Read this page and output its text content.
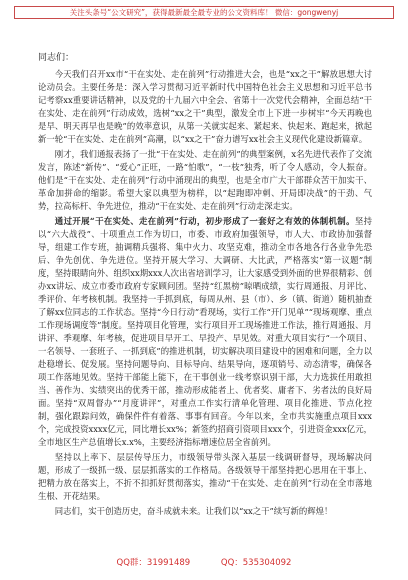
关注头条号“公文研究”，获得最新最全最专业的公文资料库！ 微信：gongwenyj

同志们：

今天我们召开xx市“干在实处、走在前列”行动推进大会，也是“xx之干”解放思想大讨论动员会。主要任务是：深入学习贯彻习近平新时代中国特色社会主义思想和习近平总书记考察xx重要讲话精神，以及党的十九届六中全会、省第十一次党代会精神，全面总结“干在实处、走在前列”行动成效，选树“xx之干”典型，激发全市上下进一步树牢“今天再晚也是早、明天再早也是晚”的效率意识，从第一关就实起来、紧起来、快起来、跑起来，掀起新一轮“干在实处、走在前列”高潮，以“xx之干”奋力谱写xx社会主义现代化建设新篇章。

刚才，我们通报表扬了一批“干在实处、走在前列”的典型案例，x名先进代表作了交流发言，陈述“新传”、“爱心”正旺，一路“怕歌”，“一枝”独秀，听了令人感动，令人振奋。他们是“干在实处、走在前列”行动中涌现出的典型，也是全市广大干部群众苦干加实干、革命加拼命的缩影。希望大家以典型为榜样，以“起跑即冲刺、开局即决战”的干劲、气势，拉高标杆、争先进位，推动“干在实处、走在前列”行动走深走实。

通过开展“干在实处、走在前列”行动，初步形成了一套好之有效的体制机制。坚持以“六大战役”、十项重点工作为切口，市委、市政府加强领导，市人大、市政协加强督导，组建工作专班，抽调精兵强将、集中火力、攻坚克难，推动全市各地各行各业争先恐后、争先创优、争先进位。坚持开展大学习、大调研、大比武，严格落实“第一议题”制度，坚持眼睛向外、组织xx期xxx人次出省培训学习，让大家感受到外面的世界很精彩、创办xx讲坛、成立市委市政府专家顾问团。坚持“红黑榜”晾晒成绩，实行周通报、月评比、季评价、年考核机制。我坚持一手抓到底，每周从州、县（市）、乡（镇、街道）随机抽查了解xx位同志的工作状态。坚持“今日行动”看现场，实行工作“开门见单”“现场观摩、重点工作现场调度等”制度。坚持项目化管理，实行项目开工现场推进工作法，推行周通报、月讲评、季观摩、年考核，促进项目早开工、早投产、早见效。对重大项目实行“一个项目、一名领导、一套班子、一抓到底”的推进机制，切实解决项目建设中的困难和问题，全力以赴稳增长、促发展。坚持问题导向、目标导向、结果导向，逐项销号、动态清零，确保各项工作落地见效。坚持干部能上能下，在干事创业一线考察识别干部，大力选拔任用敢担当、善作为、实绩突出的优秀干部，推动形成能者上、优者奖、庸者下、劣者汰的良好局面。坚持“双周督办”“月度讲评”，对重点工作实行清单化管理、项目化推进、节点化控制，强化跟踪问效，确保件件有着落、事事有回音。今年以来，全市共实施重点项目xxx个，完成投资xxxx亿元，同比增长xx%；新签约招商引资项目xxx个，引进资金xxx亿元，全市地区生产总值增长x.x%，主要经济指标增速位居全省前列。

坚持以上率下、层层传导压力，市级领导带头深入基层一线调研督导，现场解决问题，形成了一级抓一级、层层抓落实的工作格局。各级领导干部坚持把心思用在干事上、把精力放在落实上，不折不扣抓好贯彻落实，推动“干在实处、走在前列”行动在全市落地生根、开花结果。

同志们，实干创造历史，奋斗成就未来。让我们以“xx之干”续写新的辉煌！

QQ群：31991489	QQ：535304092
